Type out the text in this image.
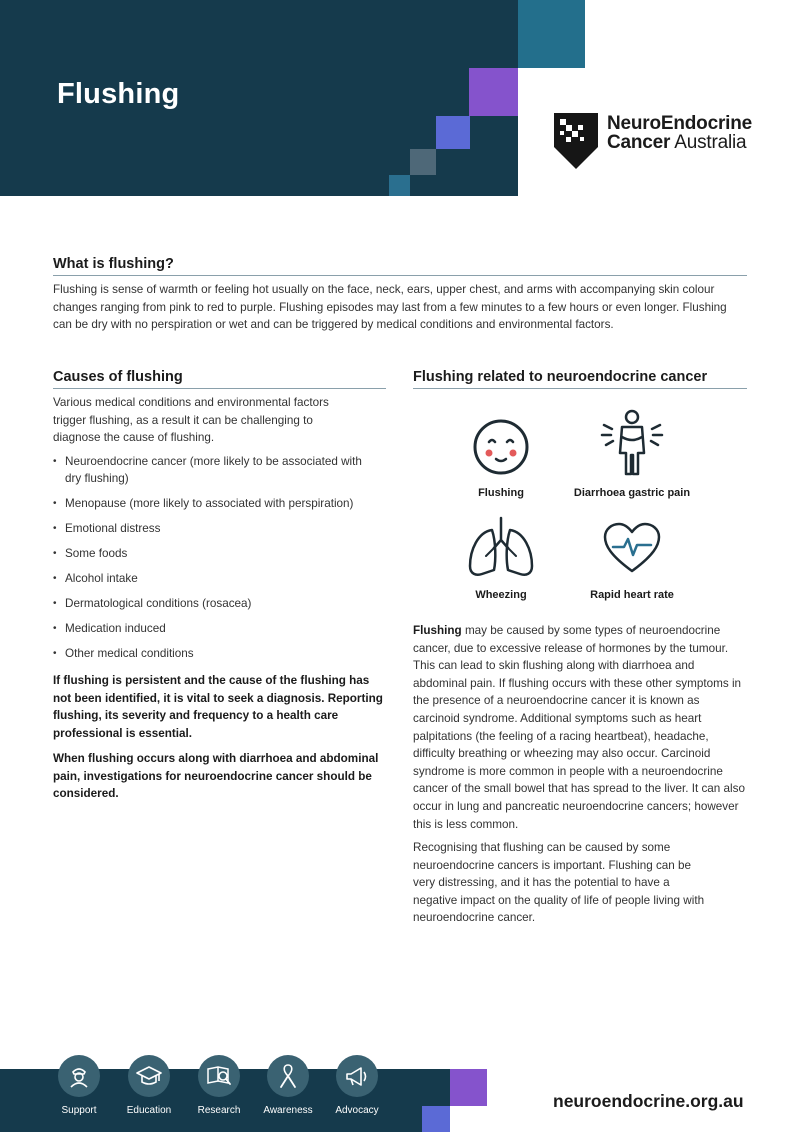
Flushing
NeuroEndocrine
Cancer Australia
What is flushing?
Flushing is sense of warmth or feeling hot usually on the face, neck, ears, upper chest, and arms with accompanying skin colour changes ranging from pink to red to purple. Flushing episodes may last from a few minutes to a few hours or even longer. Flushing can be dry with no perspiration or wet and can be triggered by medical conditions and environmental factors.
Causes of flushing
Various medical conditions and environmental factors trigger flushing, as a result it can be challenging to diagnose the cause of flushing.
• Neuroendocrine cancer (more likely to be associated with dry flushing)
• Menopause (more likely to associated with perspiration)
• Emotional distress
• Some foods
• Alcohol intake
• Dermatological conditions (rosacea)
• Medication induced
• Other medical conditions
If flushing is persistent and the cause of the flushing has not been identified, it is vital to seek a diagnosis. Reporting flushing, its severity and frequency to a health care professional is essential.
When flushing occurs along with diarrhoea and abdominal pain, investigations for neuroendocrine cancer should be considered.
Flushing related to neuroendocrine cancer
Flushing	Diarrhoea gastric pain
Wheezing	Rapid heart rate
Flushing may be caused by some types of neuroendocrine cancer, due to excessive release of hormones by the tumour. This can lead to skin flushing along with diarrhoea and abdominal pain. If flushing occurs with these other symptoms in the presence of a neuroendocrine cancer it is known as carcinoid syndrome. Additional symptoms such as heart palpitations (the feeling of a racing heartbeat), headache, difficulty breathing or wheezing may also occur. Carcinoid syndrome is more common in people with a neuroendocrine cancer of the small bowel that has spread to the liver. It can also occur in lung and pancreatic neuroendocrine cancers; however this is less common.
Recognising that flushing can be caused by some neuroendocrine cancers is important. Flushing can be very distressing, and it has the potential to have a negative impact on the quality of life of people living with neuroendocrine cancer.
Support	Education	Research	Awareness	Advocacy	neuroendocrine.org.au
